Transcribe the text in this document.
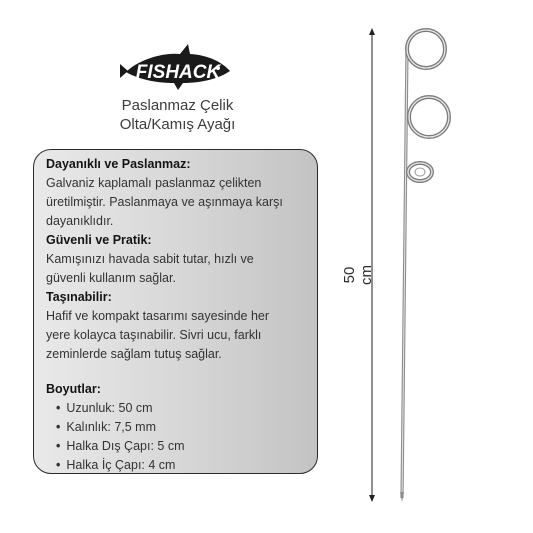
FISHACK
Paslanmaz Çelik
Olta/Kamış Ayağı
Dayanıklı ve Paslanmaz:

Galvaniz kaplamalı paslanmaz çelikten

üretilmiştir. Paslanmaya ve aşınmaya karşı

dayanıklıdır.

Güvenli ve Pratik:

Kamışınızı havada sabit tutar, hızlı ve

güvenli kullanım sağlar.

Taşınabilir:

Hafif ve kompakt tasarımı sayesinde her

yere kolayca taşınabilir. Sivri ucu, farklı

zeminlerde sağlam tutuş sağlar.

Boyutlar:
• Uzunluk: 50 cm
• Kalınlık: 7,5 mm
• Halka Dış Çapı: 5 cm
• Halka İç Çapı: 4 cm
50 cm
